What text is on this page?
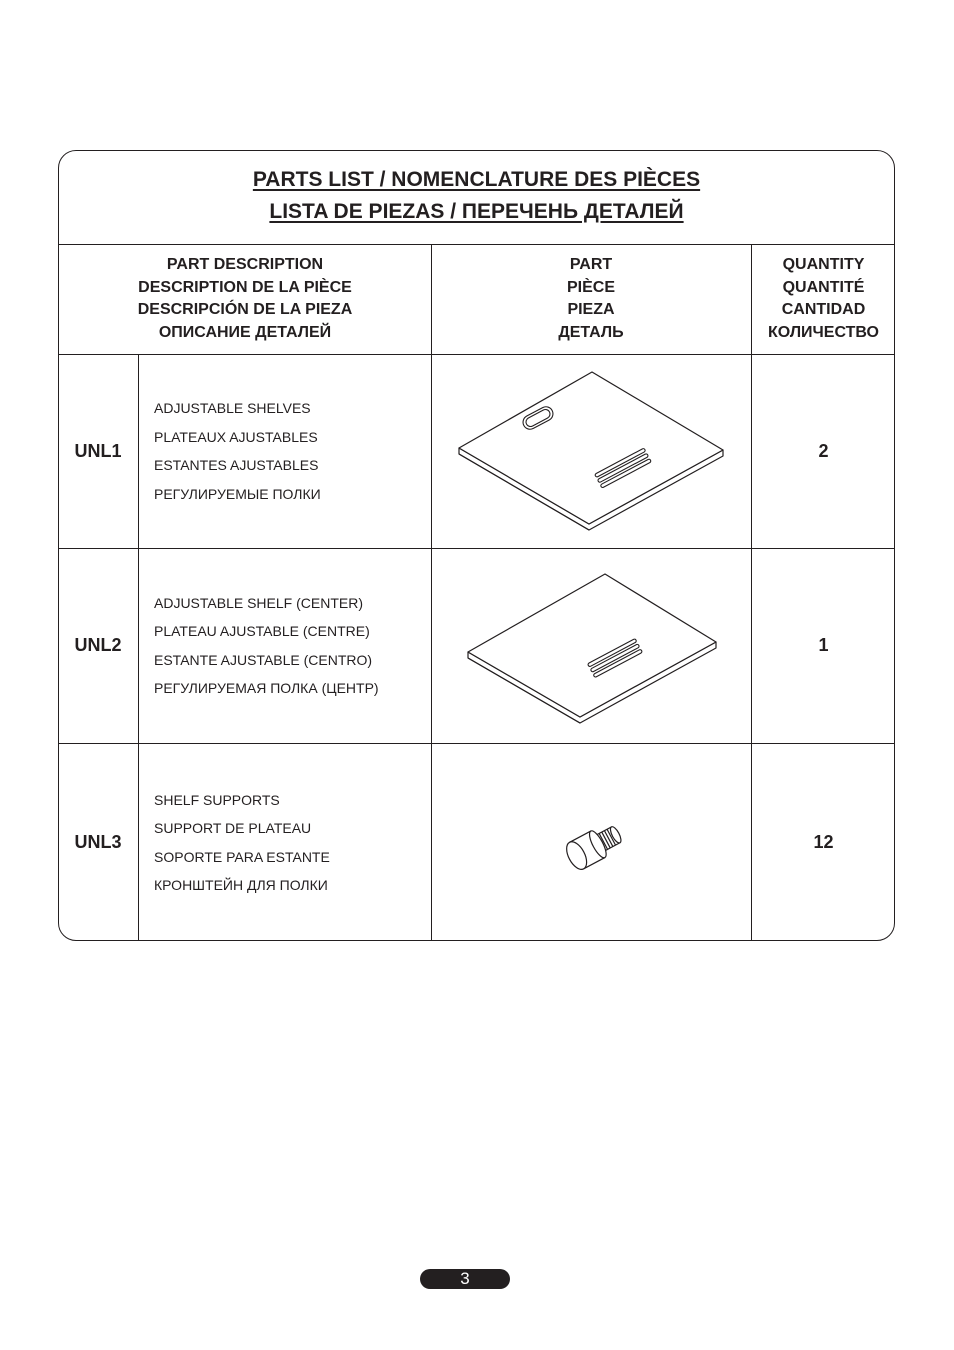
PARTS LIST / NOMENCLATURE DES PIÈCES
LISTA DE PIEZAS / ПЕРЕЧЕНЬ ДЕТАЛЕЙ
PART DESCRIPTION
DESCRIPTION DE LA PIÈCE
DESCRIPCIÓN DE LA PIEZA
ОПИСАНИЕ ДЕТАЛЕЙ
PART
PIÈCE
PIEZA
ДЕТАЛЬ
QUANTITY
QUANTITÉ
CANTIDAD
КОЛИЧЕСТВО
UNL1
ADJUSTABLE SHELVES
PLATEAUX AJUSTABLES
ESTANTES AJUSTABLES
РЕГУЛИРУЕМЫЕ ПОЛКИ
2
UNL2
ADJUSTABLE SHELF (CENTER)
PLATEAU AJUSTABLE (CENTRE)
ESTANTE AJUSTABLE (CENTRO)
РЕГУЛИРУЕМАЯ ПОЛКА (ЦЕНТР)
1
UNL3
SHELF SUPPORTS
SUPPORT DE PLATEAU
SOPORTE PARA ESTANTE
КРОНШТЕЙН ДЛЯ ПОЛКИ
12
3
